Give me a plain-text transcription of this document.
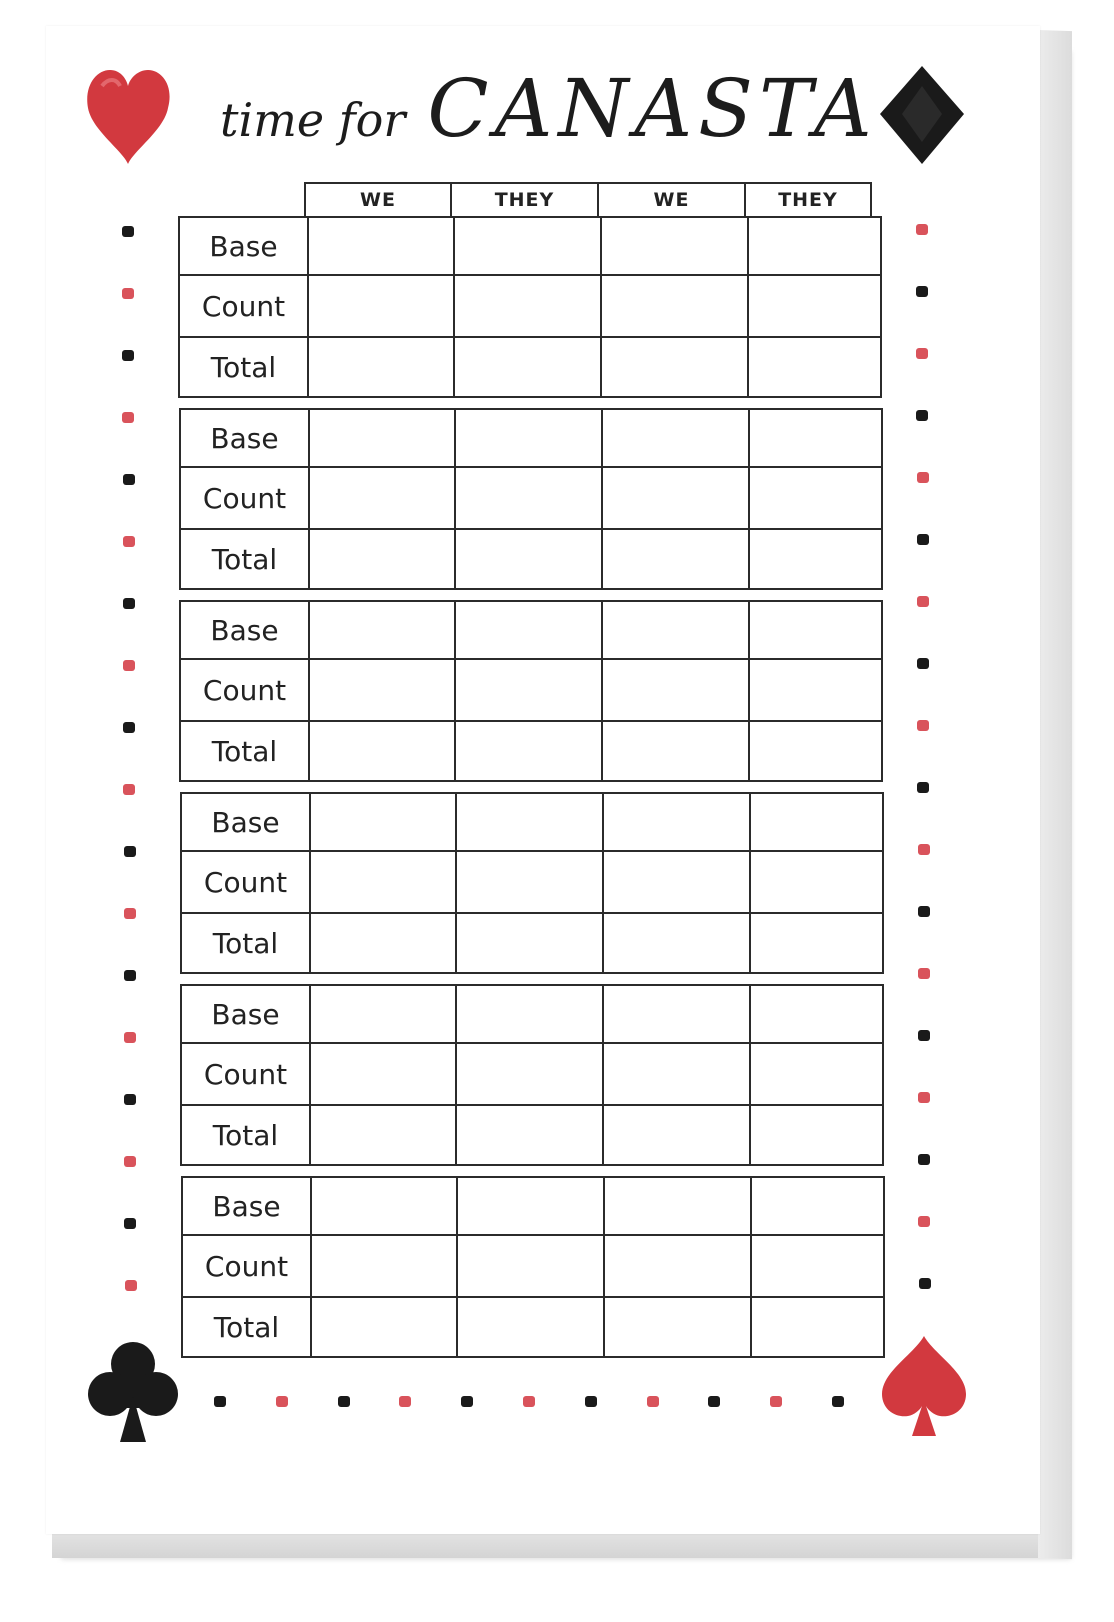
time for CANASTA
WE	THEY	WE	THEY
Base				
Count				
Total				
Base				
Count				
Total				
Base				
Count				
Total				
Base				
Count				
Total				
Base				
Count				
Total				
Base				
Count				
Total				
